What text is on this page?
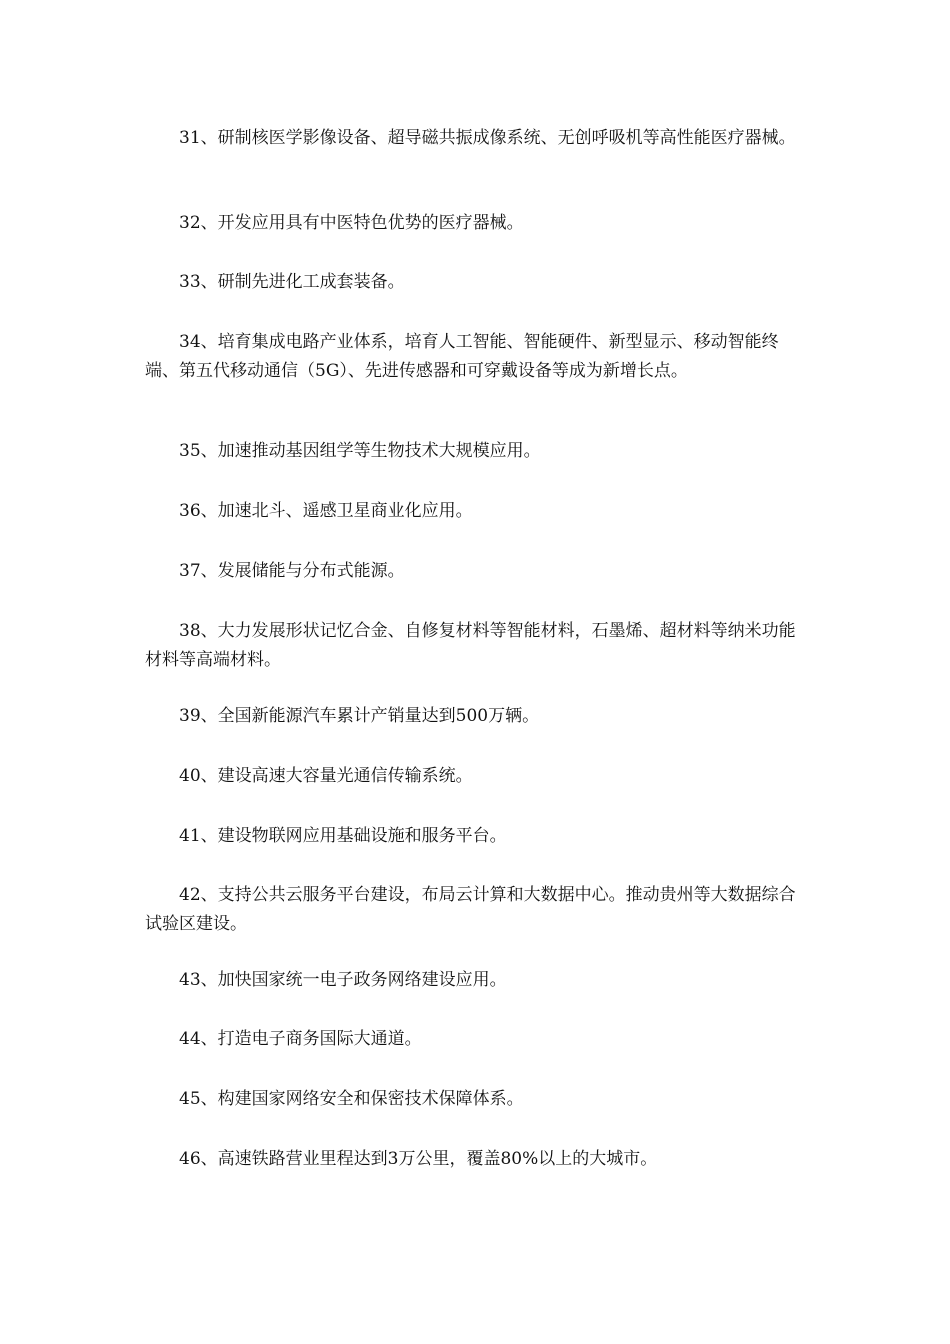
31、研制核医学影像设备、超导磁共振成像系统、无创呼吸机等高性能医疗器械。

32、开发应用具有中医特色优势的医疗器械。

33、研制先进化工成套装备。

34、培育集成电路产业体系，培育人工智能、智能硬件、新型显示、移动智能终端、第五代移动通信（5G）、先进传感器和可穿戴设备等成为新增长点。

35、加速推动基因组学等生物技术大规模应用。

36、加速北斗、遥感卫星商业化应用。

37、发展储能与分布式能源。

38、大力发展形状记忆合金、自修复材料等智能材料，石墨烯、超材料等纳米功能材料等高端材料。

39、全国新能源汽车累计产销量达到500万辆。

40、建设高速大容量光通信传输系统。

41、建设物联网应用基础设施和服务平台。

42、支持公共云服务平台建设，布局云计算和大数据中心。推动贵州等大数据综合试验区建设。

43、加快国家统一电子政务网络建设应用。

44、打造电子商务国际大通道。

45、构建国家网络安全和保密技术保障体系。

46、高速铁路营业里程达到3万公里，覆盖80%以上的大城市。
